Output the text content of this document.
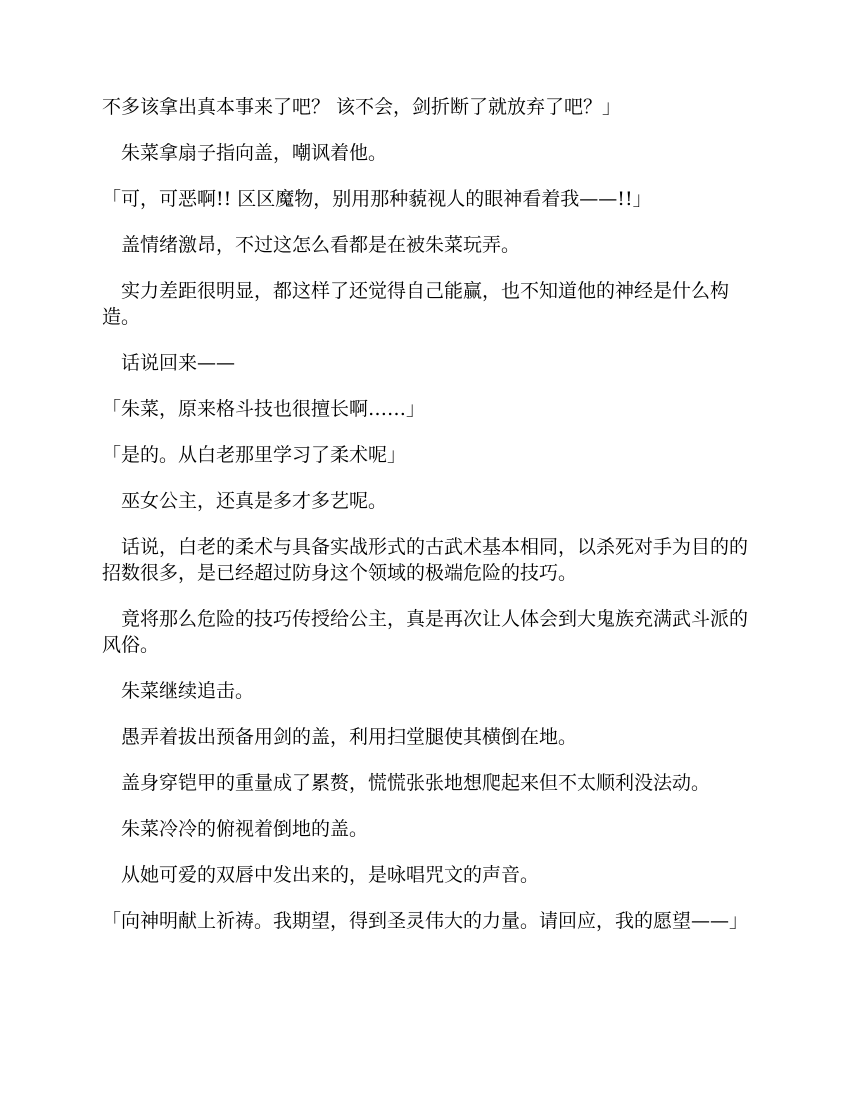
不多该拿出真本事来了吧？ 该不会，剑折断了就放弃了吧？」

朱菜拿扇子指向盖，嘲讽着他。

「可，可恶啊!! 区区魔物，别用那种藐视人的眼神看着我——!!」

盖情绪激昂，不过这怎么看都是在被朱菜玩弄。

实力差距很明显，都这样了还觉得自己能赢，也不知道他的神经是什么构造。

话说回来——

「朱菜，原来格斗技也很擅长啊……」

「是的。从白老那里学习了柔术呢」

巫女公主，还真是多才多艺呢。

话说，白老的柔术与具备实战形式的古武术基本相同，以杀死对手为目的的招数很多，是已经超过防身这个领域的极端危险的技巧。

竟将那么危险的技巧传授给公主，真是再次让人体会到大鬼族充满武斗派的风俗。

朱菜继续追击。

愚弄着拔出预备用剑的盖，利用扫堂腿使其横倒在地。

盖身穿铠甲的重量成了累赘，慌慌张张地想爬起来但不太顺利没法动。

朱菜冷冷的俯视着倒地的盖。

从她可爱的双唇中发出来的，是咏唱咒文的声音。

「向神明献上祈祷。我期望，得到圣灵伟大的力量。请回应，我的愿望——」
